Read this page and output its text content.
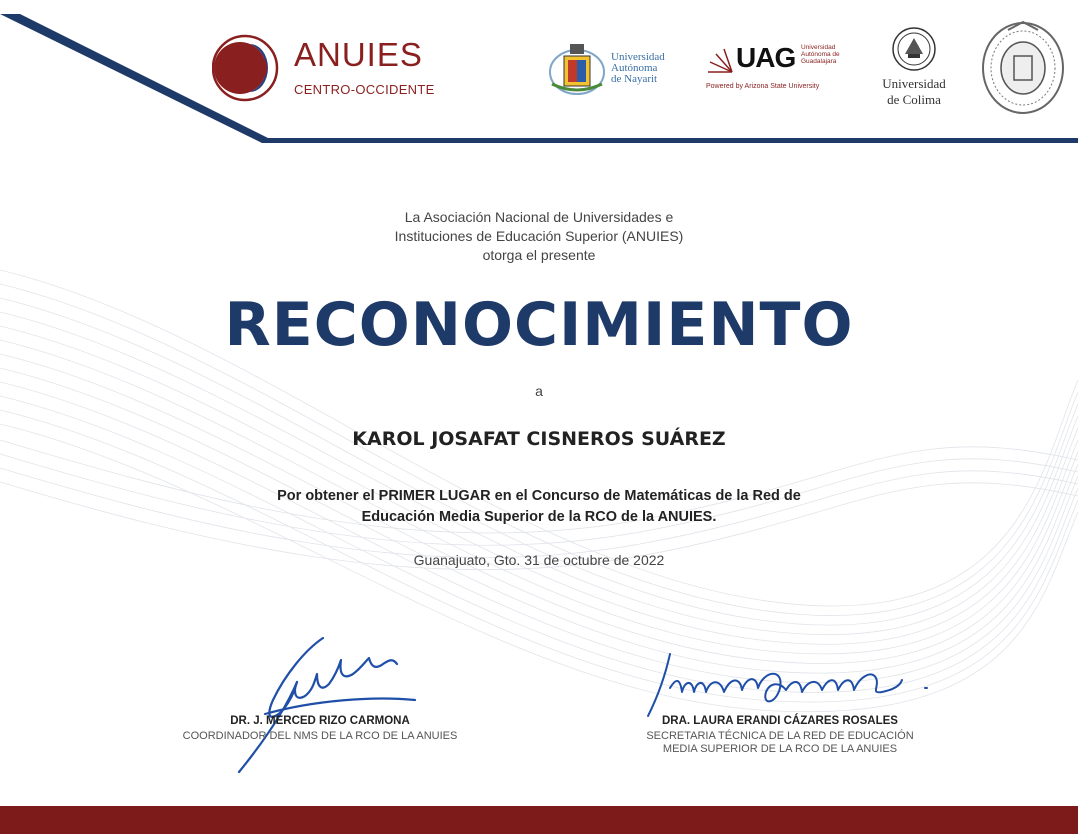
ANUIES
CENTRO-OCCIDENTE
Universidad
Autónoma
de Nayarit
UAG Universidad
Autónoma de
Guadalajara
Powered by Arizona State University	Universidad
de Colima
La Asociación Nacional de Universidades e
Instituciones de Educación Superior (ANUIES)
otorga el presente
RECONOCIMIENTO
a
KAROL JOSAFAT CISNEROS SUÁREZ
Por obtener el PRIMER LUGAR en el Concurso de Matemáticas de la Red de
Educación Media Superior de la RCO de la ANUIES.
Guanajuato, Gto. 31 de octubre de 2022
DR. J. MERCED RIZO CARMONA
COORDINADOR DEL NMS DE LA RCO DE LA ANUIES
DRA. LAURA ERANDI CÁZARES ROSALES
SECRETARIA TÉCNICA DE LA RED DE EDUCACIÓN
MEDIA SUPERIOR DE LA RCO DE LA ANUIES
